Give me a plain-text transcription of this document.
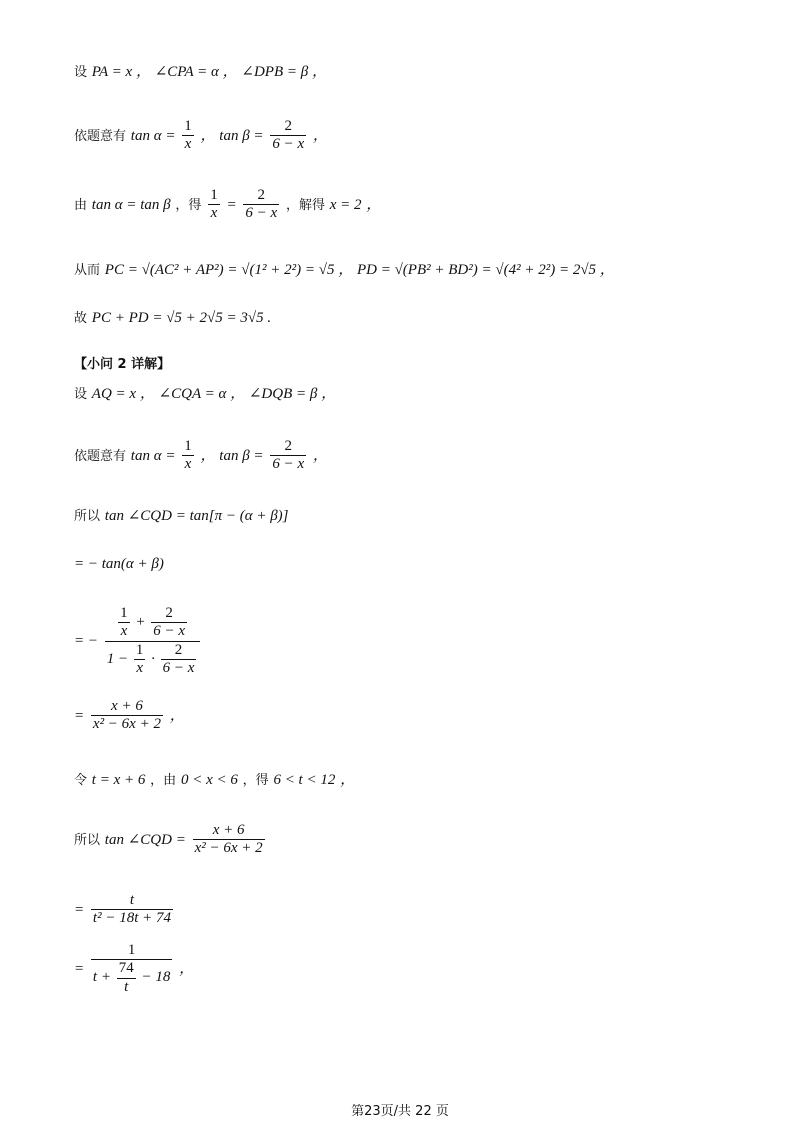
设 PA = x ， ∠CPA = α ， ∠DPB = β ，
依题意有 $\tan \alpha = \frac{1}{x}$ ， $\tan \beta = \frac{2}{6 - x}$ ，
由 tan α = tan β ，得 $\frac{1}{x} = \frac{2}{6 - x}$ ，解得 x = 2 ，
从而 PC = √(AC² + AP²) = √(1² + 2²) = √5 ， PD = √(PB² + BD²) = √(4² + 2²) = 2√5 ，
故 PC + PD = √5 + 2√5 = 3√5 .
【小问 2 详解】
设 AQ = x ， ∠CQA = α ， ∠DQB = β ，
依题意有 $\tan \alpha = \frac{1}{x}$ ， $\tan \beta = \frac{2}{6 - x}$ ，
所以 tan ∠CQD = tan[π − (α + β)]
= − tan(α + β)
= − $\frac{\frac{1}{x} + \frac{2}{6 - x}}{1 - \frac{1}{x} \cdot \frac{2}{6 - x}}$
= $\frac{x + 6}{\text{x² − 6x + 2}}$ ，
令 t = x + 6 ，由 0 < x < 6 ，得 6 < t < 12 ，
所以 tan ∠CQD = $\frac{x + 6}{\text{x² − 6x + 2}}$
= $\frac{t}{\text{t² − 18t + 74}}$
= $\frac{1}{t + \frac{74}{t} - 18}$ ，
第23页/共 22 页
